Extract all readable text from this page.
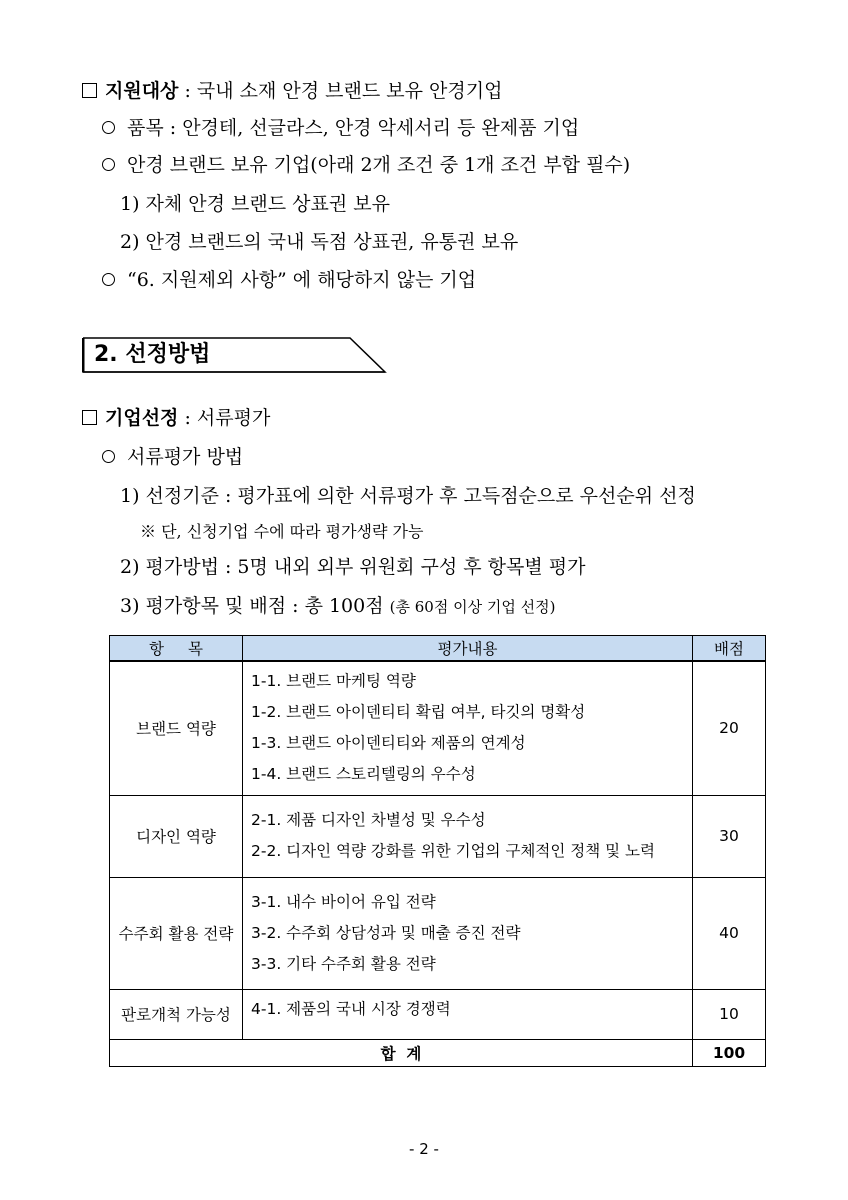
지원대상 : 국내 소재 안경 브랜드 보유 안경기업
품목 : 안경테, 선글라스, 안경 악세서리 등 완제품 기업
안경 브랜드 보유 기업(아래 2개 조건 중 1개 조건 부합 필수)
1) 자체 안경 브랜드 상표권 보유
2) 안경 브랜드의 국내 독점 상표권, 유통권 보유
“6. 지원제외 사항” 에 해당하지 않는 기업
2. 선정방법
기업선정 : 서류평가
서류평가 방법
1) 선정기준 : 평가표에 의한 서류평가 후 고득점순으로 우선순위 선정
※ 단, 신청기업 수에 따라 평가생략 가능
2) 평가방법 : 5명 내외 외부 위원회 구성 후 항목별 평가
3) 평가항목 및 배점 : 총 100점 (총 60점 이상 기업 선정)
항 목	평가내용	배점
브랜드 역량	1-1. 브랜드 마케팅 역량
1-2. 브랜드 아이덴티티 확립 여부, 타깃의 명확성
1-3. 브랜드 아이덴티티와 제품의 연계성
1-4. 브랜드 스토리텔링의 우수성	20
디자인 역량	2-1. 제품 디자인 차별성 및 우수성
2-2. 디자인 역량 강화를 위한 기업의 구체적인 정책 및 노력	30
수주회 활용 전략	3-1. 내수 바이어 유입 전략
3-2. 수주회 상담성과 및 매출 증진 전략
3-3. 기타 수주회 활용 전략	40
판로개척 가능성	4-1. 제품의 국내 시장 경쟁력	10
합  계		100
- 2 -
